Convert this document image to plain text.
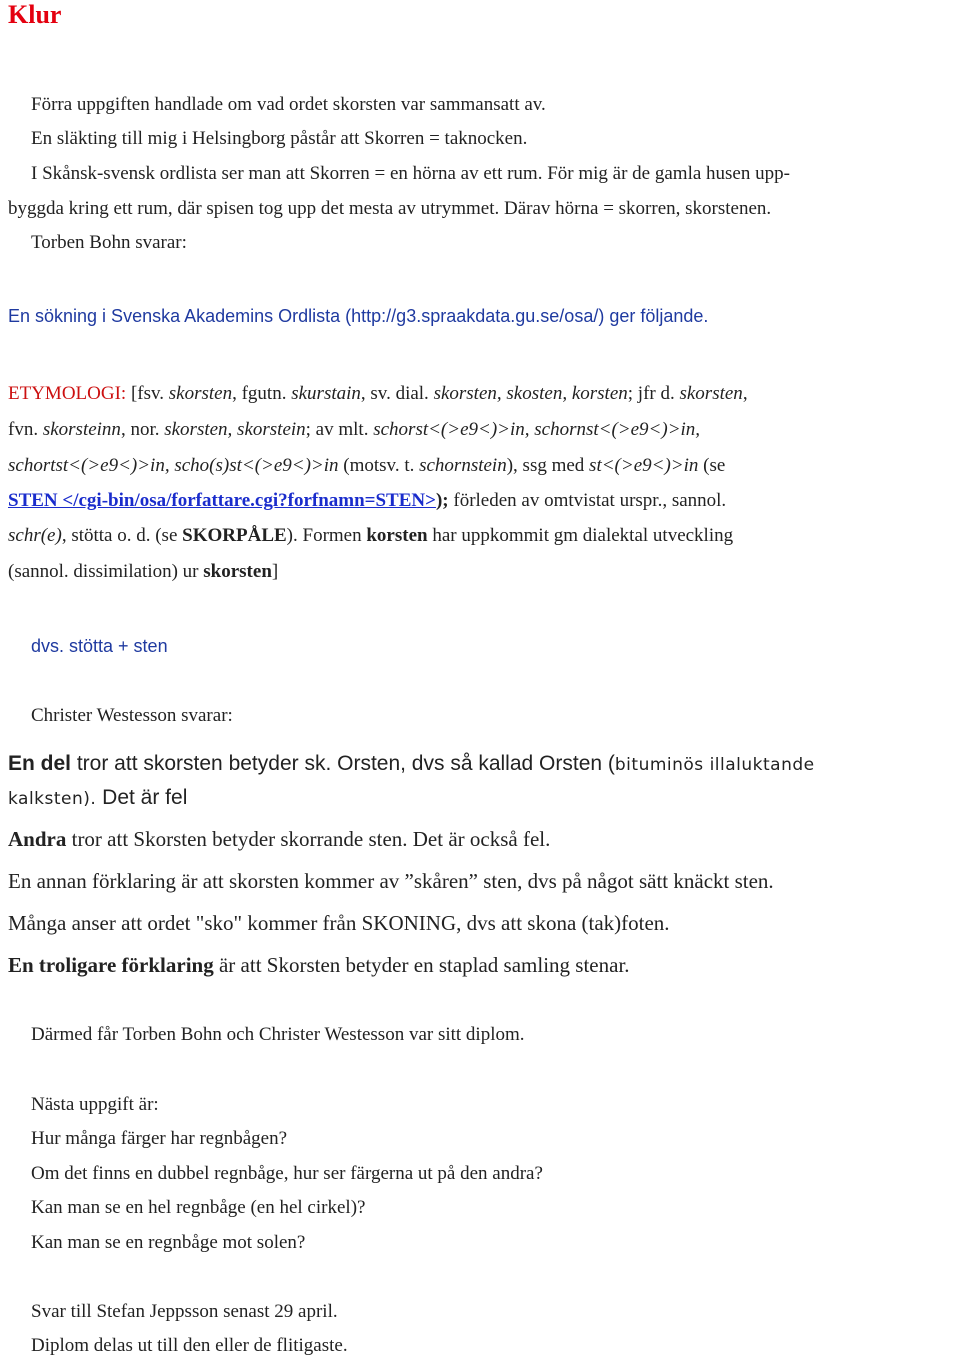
Klur
Förra uppgiften handlade om vad ordet skorsten var sammansatt av.
En släkting till mig i Helsingborg påstår att Skorren = taknocken.
I Skånsk-svensk ordlista ser man att Skorren = en hörna av ett rum. För mig är de gamla husen upp-
byggda kring ett rum, där spisen tog upp det mesta av utrymmet. Därav hörna = skorren, skorstenen.
Torben Bohn svarar:
En sökning i Svenska Akademins Ordlista (http://g3.spraakdata.gu.se/osa/) ger följande.
ETYMOLOGI: [fsv. skorsten, fgutn. skurstain, sv. dial. skorsten, skosten, korsten; jfr d. skorsten,
fvn. skorsteinn, nor. skorsten, skorstein; av mlt. schorst<(>e9<)>in, schornst<(>e9<)>in,
schortst<(>e9<)>in, scho(s)st<(>e9<)>in (motsv. t. schornstein), ssg med st<(>e9<)>in (se
STEN </cgi-bin/osa/forfattare.cgi?forfnamn=STEN>); förleden av omtvistat urspr., sannol.
schr(e), stötta o. d. (se SKORPÅLE). Formen korsten har uppkommit gm dialektal utveckling
(sannol. dissimilation) ur skorsten]
dvs. stötta + sten
Christer Westesson svarar:
En del tror att skorsten betyder sk. Orsten, dvs så kallad Orsten (bituminös illaluktande
kalksten). Det är fel
Andra tror att Skorsten betyder skorrande sten. Det är också fel.
En annan förklaring är att skorsten kommer av ”skåren” sten, dvs på något sätt knäckt sten.
Många anser att ordet "sko" kommer från SKONING, dvs att skona (tak)foten.
En troligare förklaring är att Skorsten betyder en staplad samling stenar.
Därmed får Torben Bohn och Christer Westesson var sitt diplom.
Nästa uppgift är:
Hur många färger har regnbågen?
Om det finns en dubbel regnbåge, hur ser färgerna ut på den andra?
Kan man se en hel regnbåge (en hel cirkel)?
Kan man se en regnbåge mot solen?
Svar till Stefan Jeppsson senast 29 april.
Diplom delas ut till den eller de flitigaste.
